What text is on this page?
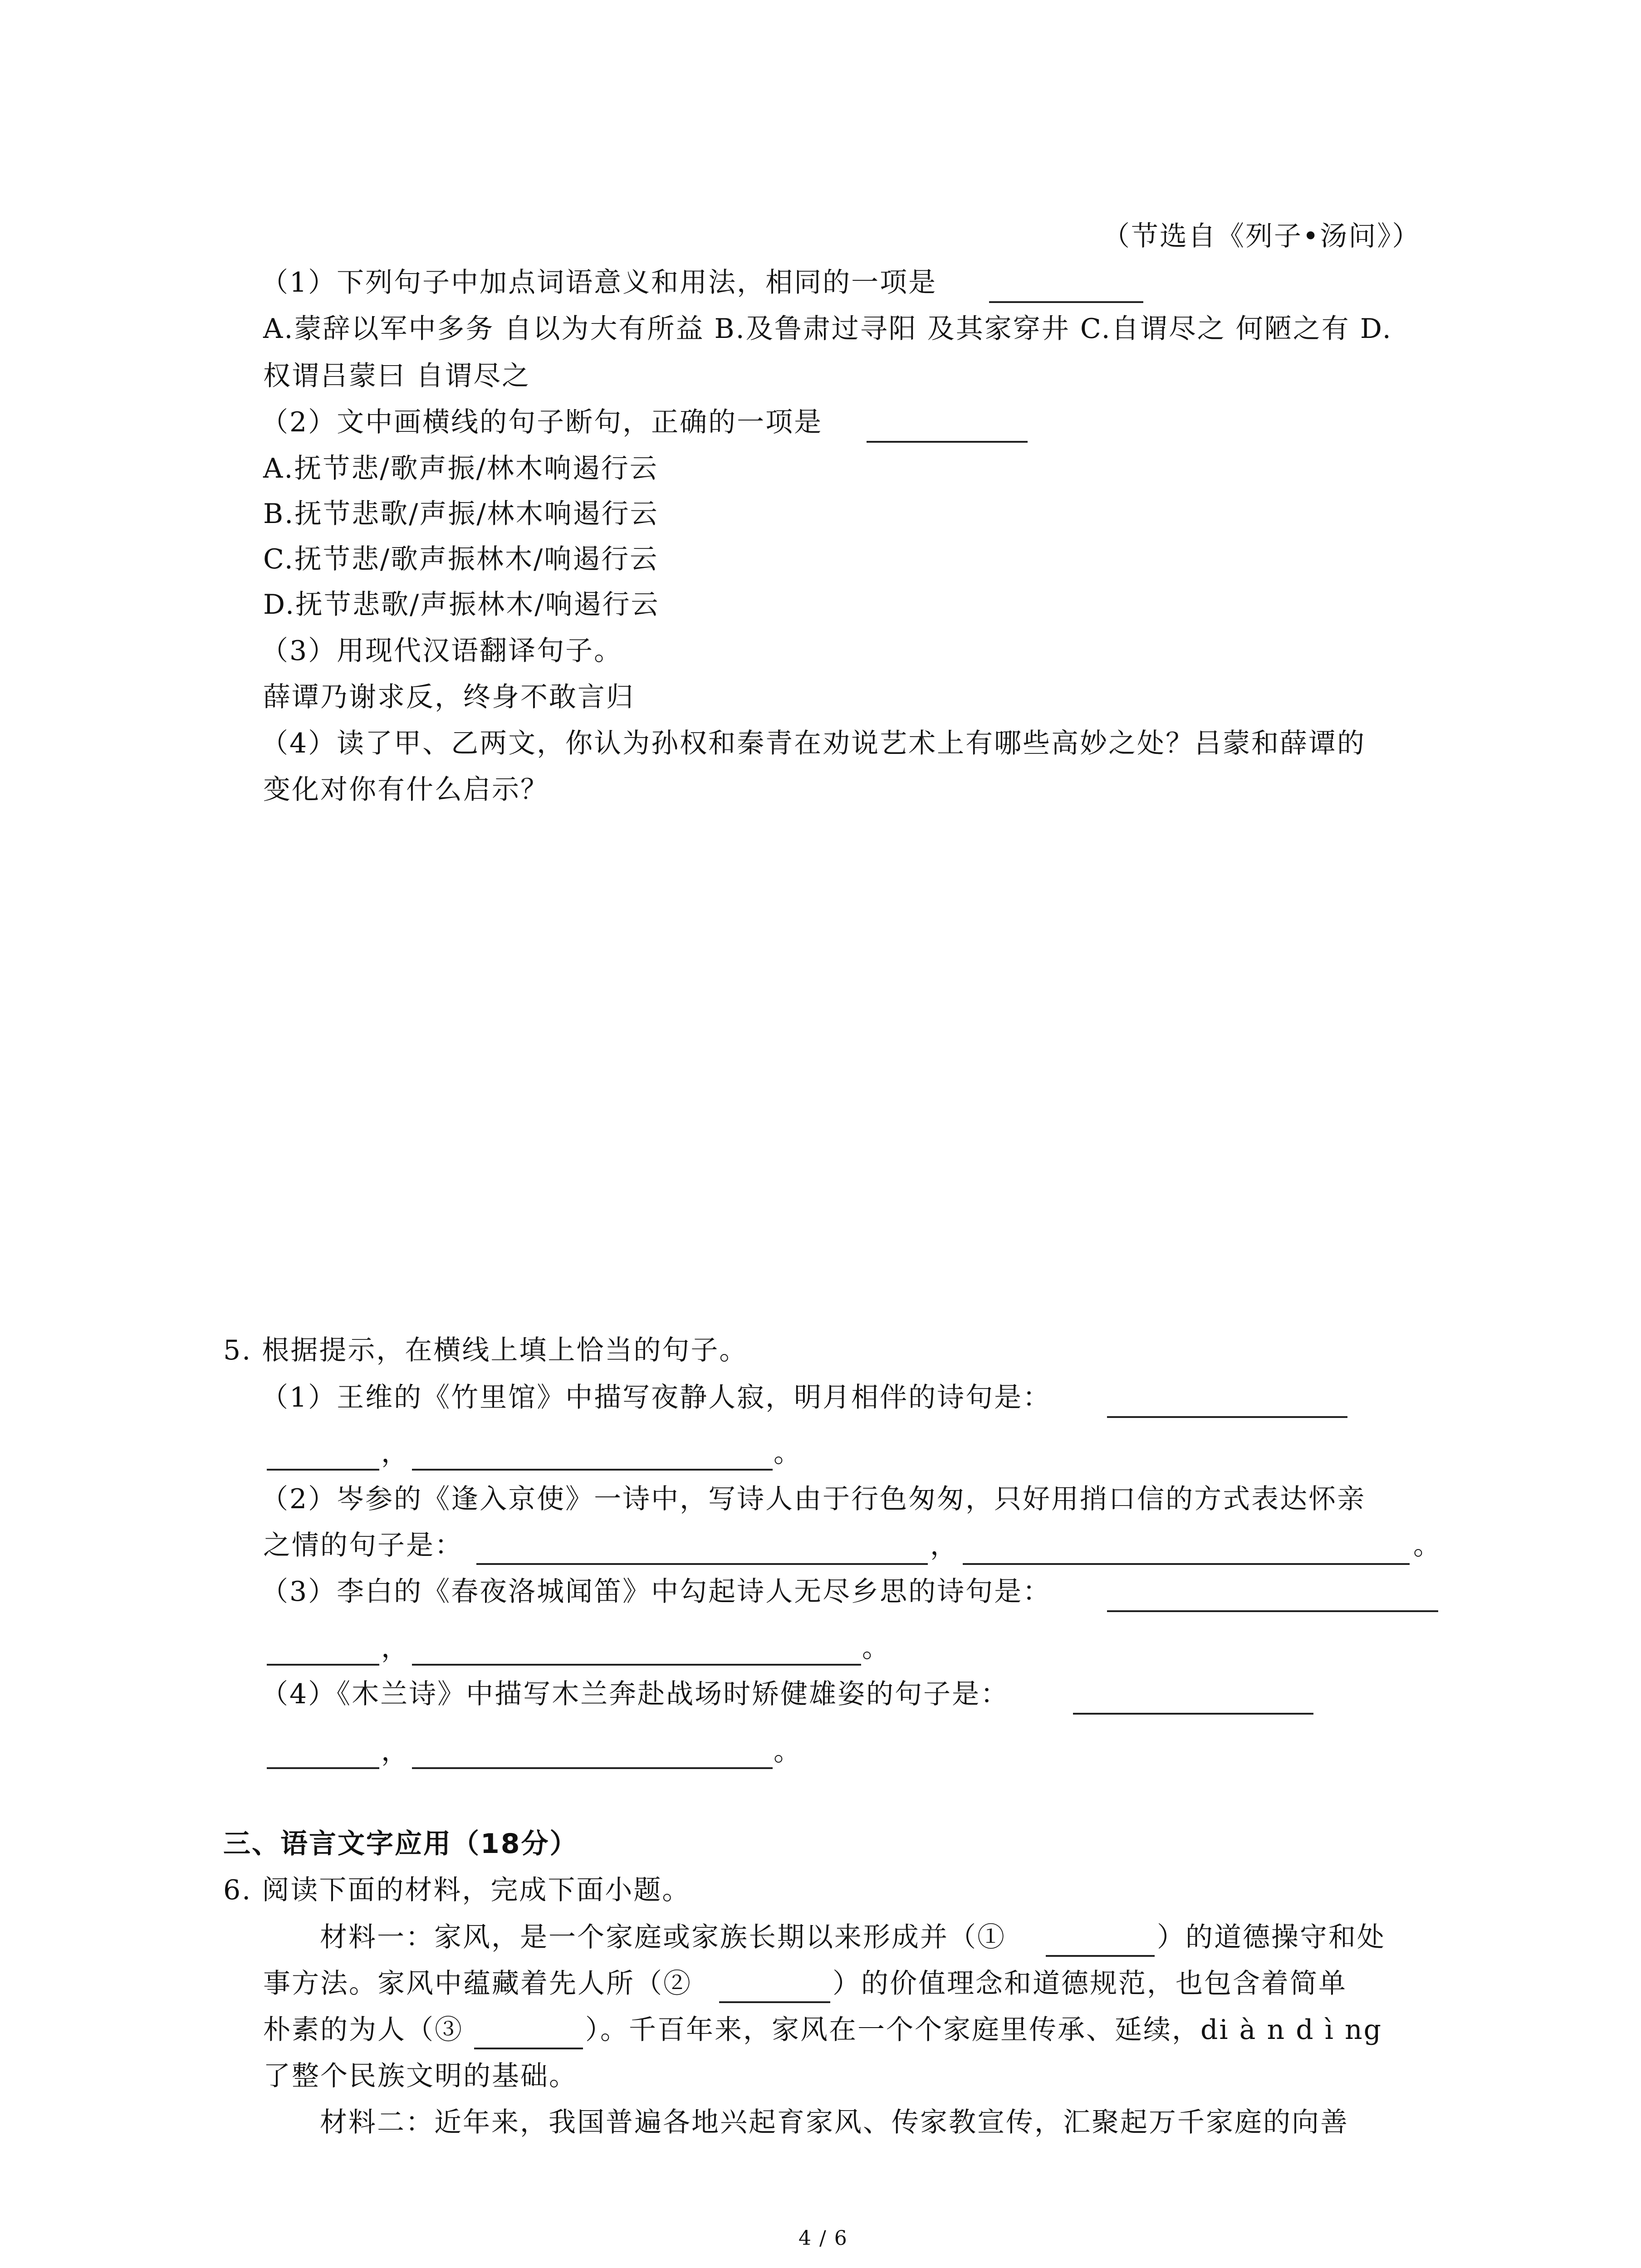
（节选自《列子•汤问》）
（1）下列句子中加点词语意义和用法，相同的一项是
A.蒙辞以军中多务 自以为大有所益 B.及鲁肃过寻阳 及其家穿井 C.自谓尽之 何陋之有 D.
权谓吕蒙曰 自谓尽之
（2）文中画横线的句子断句，正确的一项是
A.抚节悲/歌声振/林木响遏行云
B.抚节悲歌/声振/林木响遏行云
C.抚节悲/歌声振林木/响遏行云
D.抚节悲歌/声振林木/响遏行云
（3）用现代汉语翻译句子。
薛谭乃谢求反，终身不敢言归
（4）读了甲、乙两文，你认为孙权和秦青在劝说艺术上有哪些高妙之处？吕蒙和薛谭的
变化对你有什么启示？
5. 根据提示，在横线上填上恰当的句子。
（1）王维的《竹里馆》中描写夜静人寂，明月相伴的诗句是：
，	。
（2）岑参的《逢入京使》一诗中，写诗人由于行色匆匆，只好用捎口信的方式表达怀亲
之情的句子是：	，	。
（3）李白的《春夜洛城闻笛》中勾起诗人无尽乡思的诗句是：
，	。
（4）《木兰诗》中描写木兰奔赴战场时矫健雄姿的句子是：
，	。
三、语言文字应用（18分）
6. 阅读下面的材料，完成下面小题。
材料一：家风，是一个家庭或家族长期以来形成并（①	）的道德操守和处
事方法。家风中蕴藏着先人所（②	）的价值理念和道德规范，也包含着简单
朴素的为人（③	）。千百年来，家风在一个个家庭里传承、延续，di à n d ì ng
了整个民族文明的基础。
材料二：近年来，我国普遍各地兴起育家风、传家教宣传，汇聚起万千家庭的向善
4 / 6
